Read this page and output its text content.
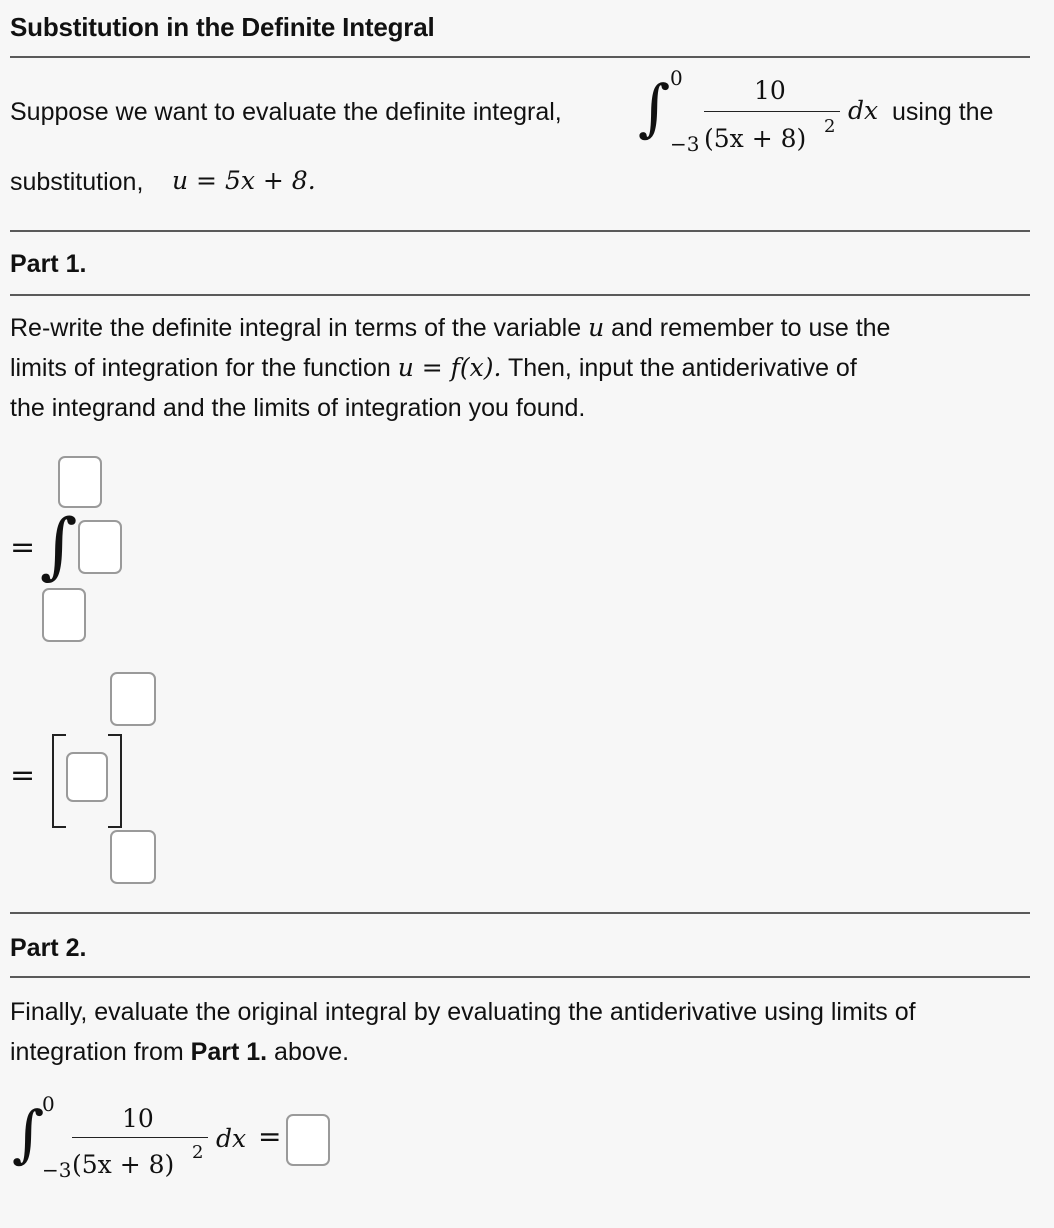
Substitution in the Definite Integral
Suppose we want to evaluate the definite integral, ∫ 0
−3
10
(5x + 8) 2
dx using the
substitution, u = 5x + 8.
Part 1.
Re-write the definite integral in terms of the variable u and remember to use the
limits of integration for the function u = f(x). Then, input the antiderivative of
the integrand and the limits of integration you found.
= ∫
=
Part 2.
Finally, evaluate the original integral by evaluating the antiderivative using limits of
integration from Part 1. above.
∫
0
−3
10
(5x + 8) 2 dx =
